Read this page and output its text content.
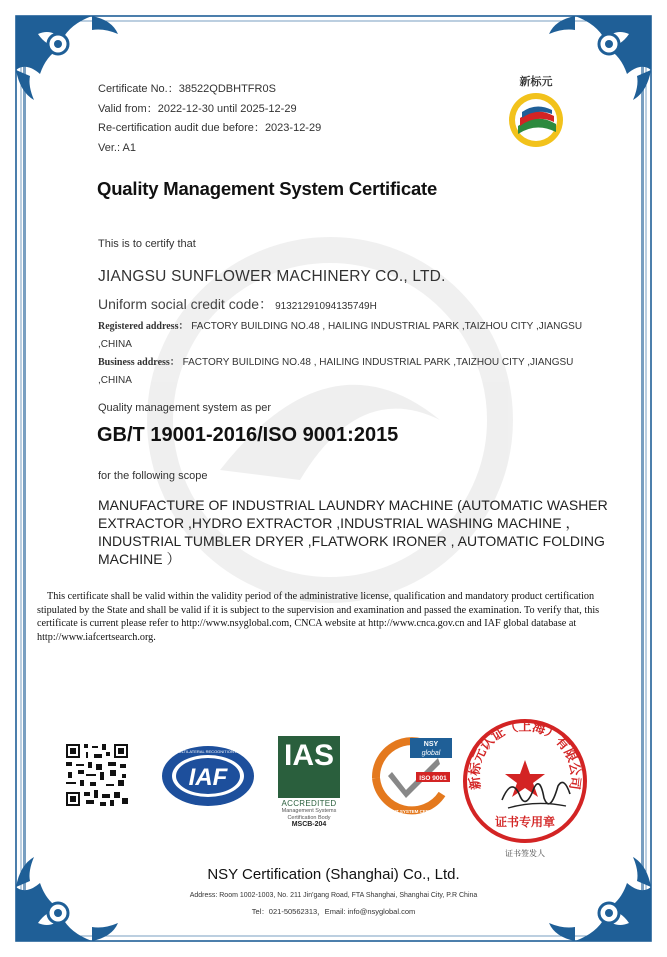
新标元
Certificate No.：38522QDBHTFR0S
Valid from：2022-12-30 until 2025-12-29
Re-certification audit due before：2023-12-29
Ver.: A1
Quality Management System Certificate
This is to certify that
JIANGSU SUNFLOWER MACHINERY CO., LTD.
Uniform social credit code： 91321291094135749H
Registered address： FACTORY BUILDING NO.48 , HAILING INDUSTRIAL PARK ,TAIZHOU CITY ,JIANGSU
,CHINA
Business address： FACTORY BUILDING NO.48 , HAILING INDUSTRIAL PARK ,TAIZHOU CITY ,JIANGSU
,CHINA
Quality management system as per
GB/T 19001-2016/ISO 9001:2015
for the following scope
MANUFACTURE OF INDUSTRIAL LAUNDRY MACHINE (AUTOMATIC WASHER EXTRACTOR ,HYDRO EXTRACTOR ,INDUSTRIAL WASHING MACHINE ， INDUSTRIAL TUMBLER DRYER ,FLATWORK IRONER , AUTOMATIC FOLDING MACHINE ）
This certificate shall be valid within the validity period of the administrative license, qualification and mandatory product certification stipulated by the State and shall be valid if it is subject to the supervision and examination and passed the examination. To verify that, this certificate is current please refer to http://www.nsyglobal.com, CNCA website at http://www.cnca.gov.cn and IAF global database at http://www.iafcertsearch.org.
IAF
MEMBER OF MULTILATERAL RECOGNITION ARRANGEMENT IAS
ACCREDITED
Management Systems
Certification Body
MSCB-204
NSY
global
ISO 9001
MANAGEMENT SYSTEM CERTIFICATION
新标元认证（上海）有限公司
证书专用章
证书签发人
NSY Certification (Shanghai) Co., Ltd.
Address: Room 1002-1003, No. 211 Jin'gang Road, FTA Shanghai, Shanghai City, P.R China
Tel：021-50562313，Email: info@nsyglobal.com
